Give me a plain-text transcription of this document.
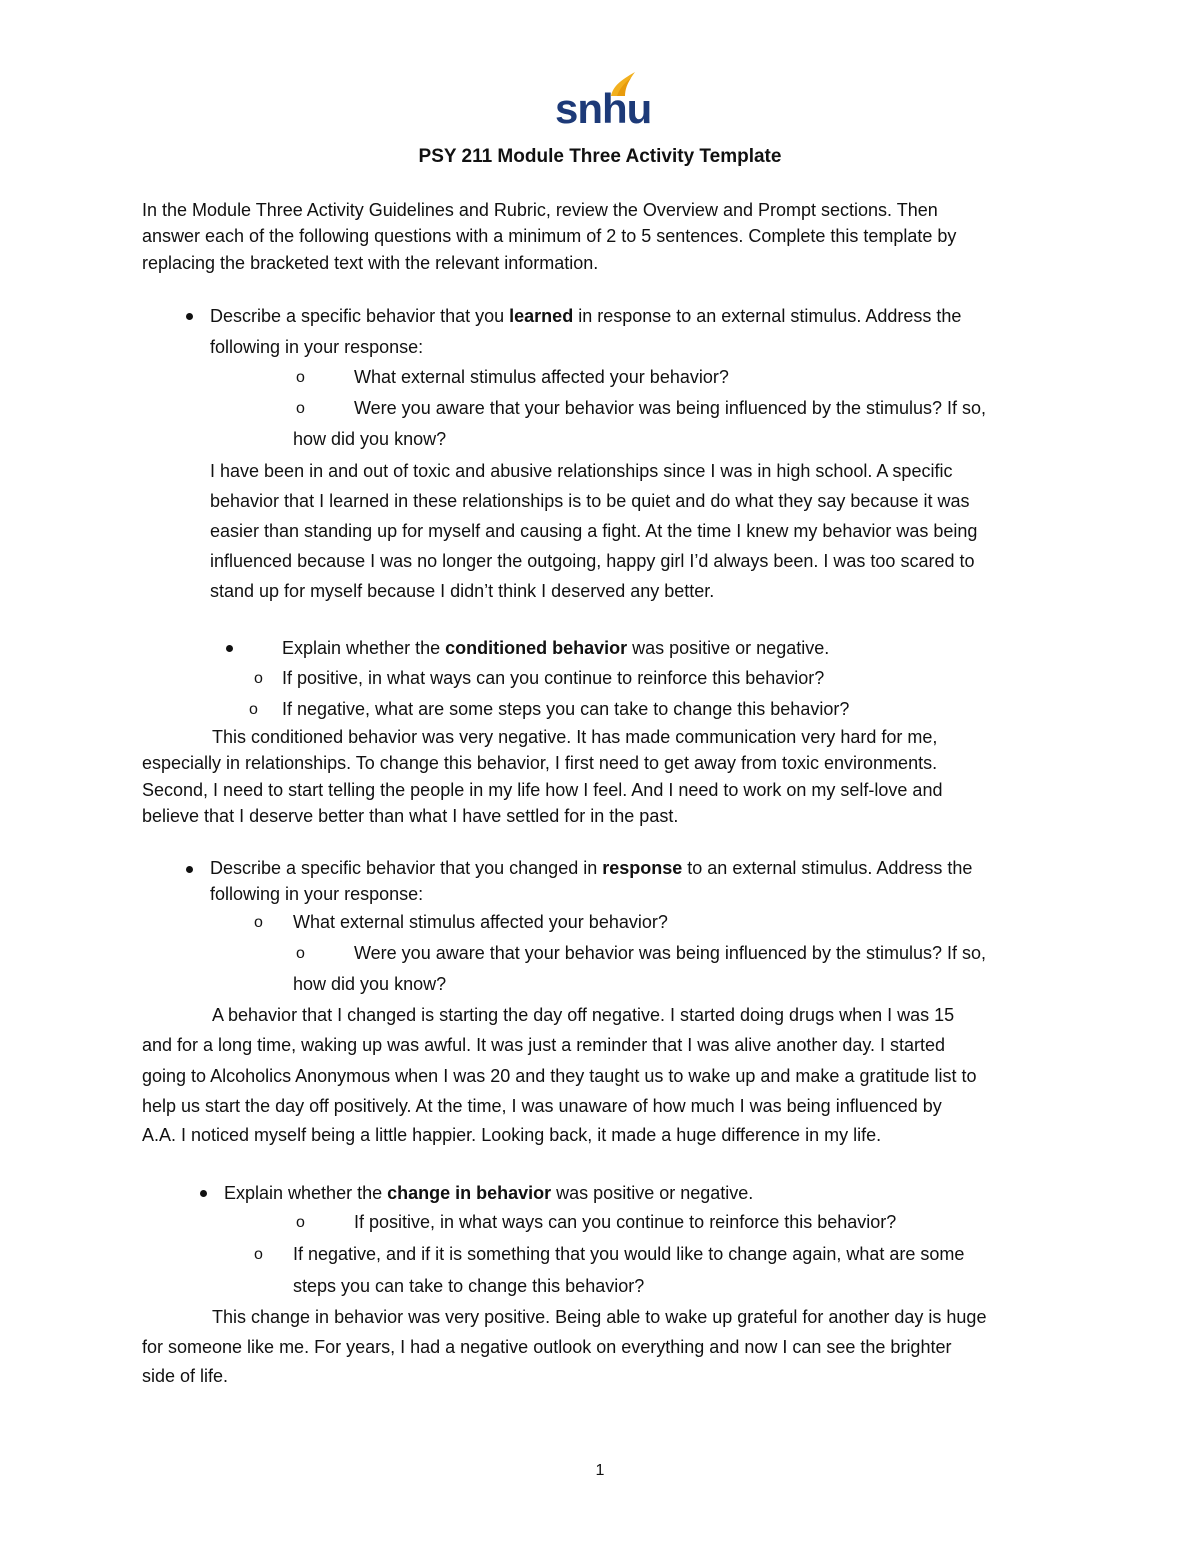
snhu
PSY 211 Module Three Activity Template
In the Module Three Activity Guidelines and Rubric, review the Overview and Prompt sections. Then
answer each of the following questions with a minimum of 2 to 5 sentences. Complete this template by
replacing the bracketed text with the relevant information.
Describe a specific behavior that you learned in response to an external stimulus. Address the
following in your response:
o	What external stimulus affected your behavior?
o	Were you aware that your behavior was being influenced by the stimulus? If so,
how did you know?
I have been in and out of toxic and abusive relationships since I was in high school. A specific
behavior that I learned in these relationships is to be quiet and do what they say because it was
easier than standing up for myself and causing a fight. At the time I knew my behavior was being
influenced because I was no longer the outgoing, happy girl I’d always been. I was too scared to
stand up for myself because I didn’t think I deserved any better.
Explain whether the conditioned behavior was positive or negative.
o If positive, in what ways can you continue to reinforce this behavior?
o If negative, what are some steps you can take to change this behavior?
This conditioned behavior was very negative. It has made communication very hard for me,
especially in relationships. To change this behavior, I first need to get away from toxic environments.
Second, I need to start telling the people in my life how I feel. And I need to work on my self-love and
believe that I deserve better than what I have settled for in the past.
Describe a specific behavior that you changed in response to an external stimulus. Address the
following in your response:
o What external stimulus affected your behavior?
o	Were you aware that your behavior was being influenced by the stimulus? If so,
how did you know?
A behavior that I changed is starting the day off negative. I started doing drugs when I was 15
and for a long time, waking up was awful. It was just a reminder that I was alive another day. I started
going to Alcoholics Anonymous when I was 20 and they taught us to wake up and make a gratitude list to
help us start the day off positively. At the time, I was unaware of how much I was being influenced by
A.A. I noticed myself being a little happier. Looking back, it made a huge difference in my life.
Explain whether the change in behavior was positive or negative.
o	If positive, in what ways can you continue to reinforce this behavior?
o If negative, and if it is something that you would like to change again, what are some
steps you can take to change this behavior?
This change in behavior was very positive. Being able to wake up grateful for another day is huge
for someone like me. For years, I had a negative outlook on everything and now I can see the brighter
side of life.
1
